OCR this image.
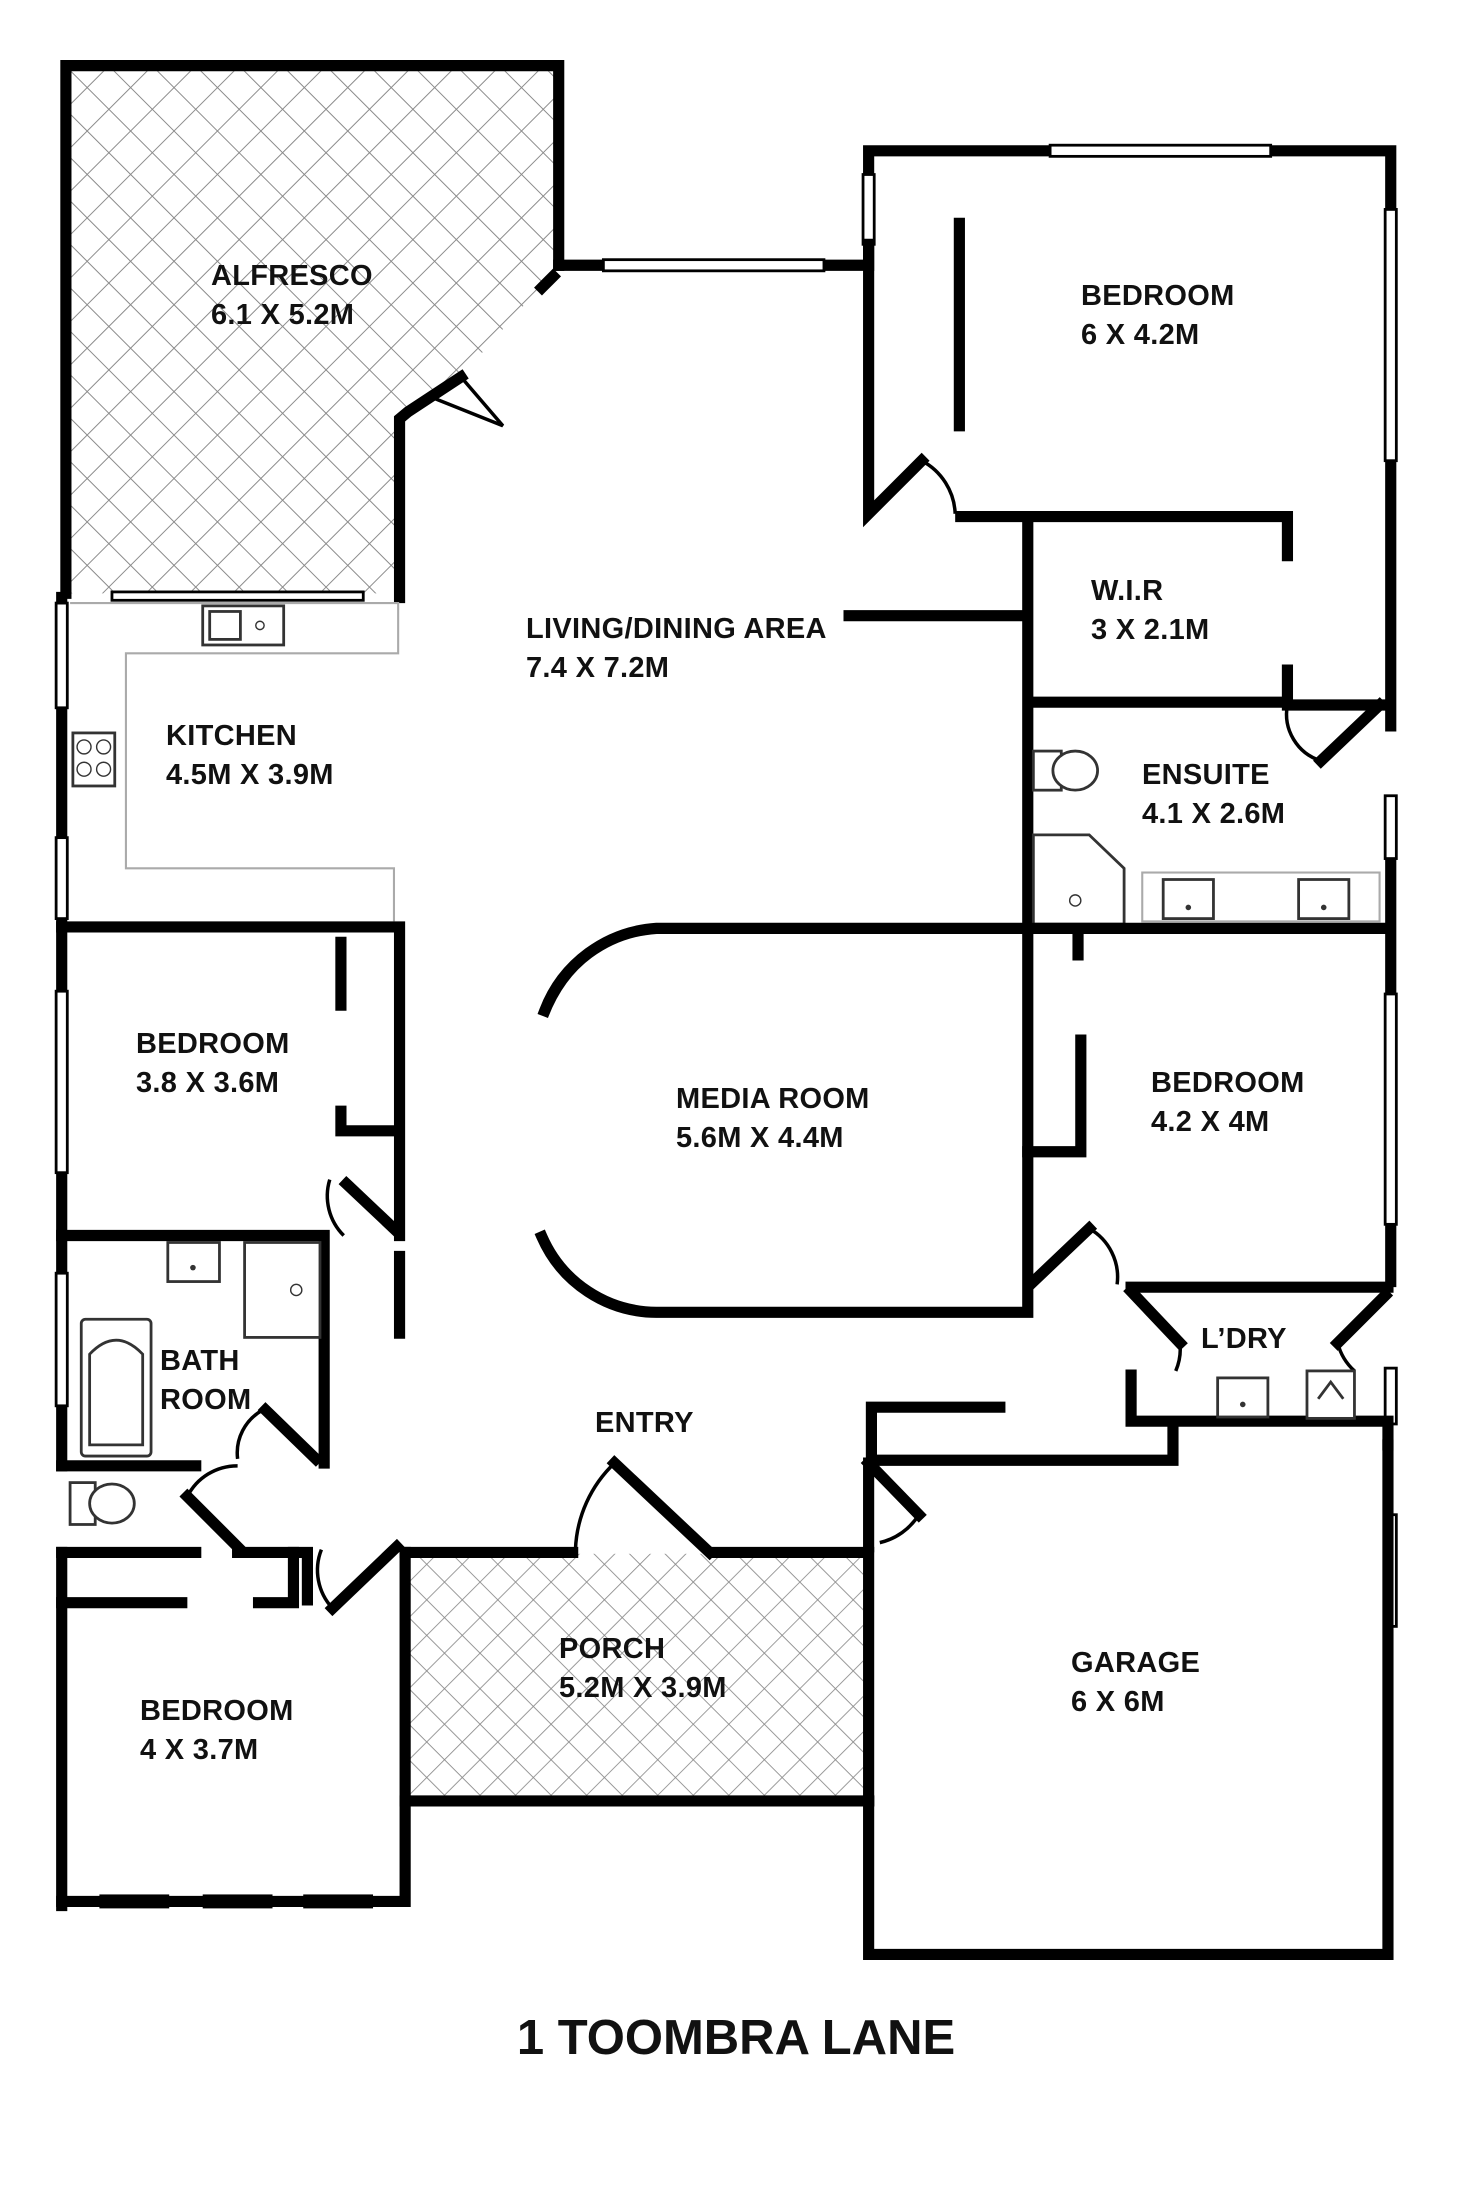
ALFRESCO
6.1 X 5.2M
BEDROOM
6 X 4.2M
LIVING/DINING AREA
7.4 X 7.2M
W.I.R
3 X 2.1M
KITCHEN
4.5M X 3.9M	ENSUITE
4.1 X 2.6M
BEDROOM
3.8 X 3.6M	MEDIA ROOM
5.6M X 4.4M
BEDROOM
4.2 X 4M
BATH
ROOM
L’DRY
ENTRY
PORCH
5.2M X 3.9M
GARAGE
6 X 6M
BEDROOM
4 X 3.7M
1 TOOMBRA LANE
